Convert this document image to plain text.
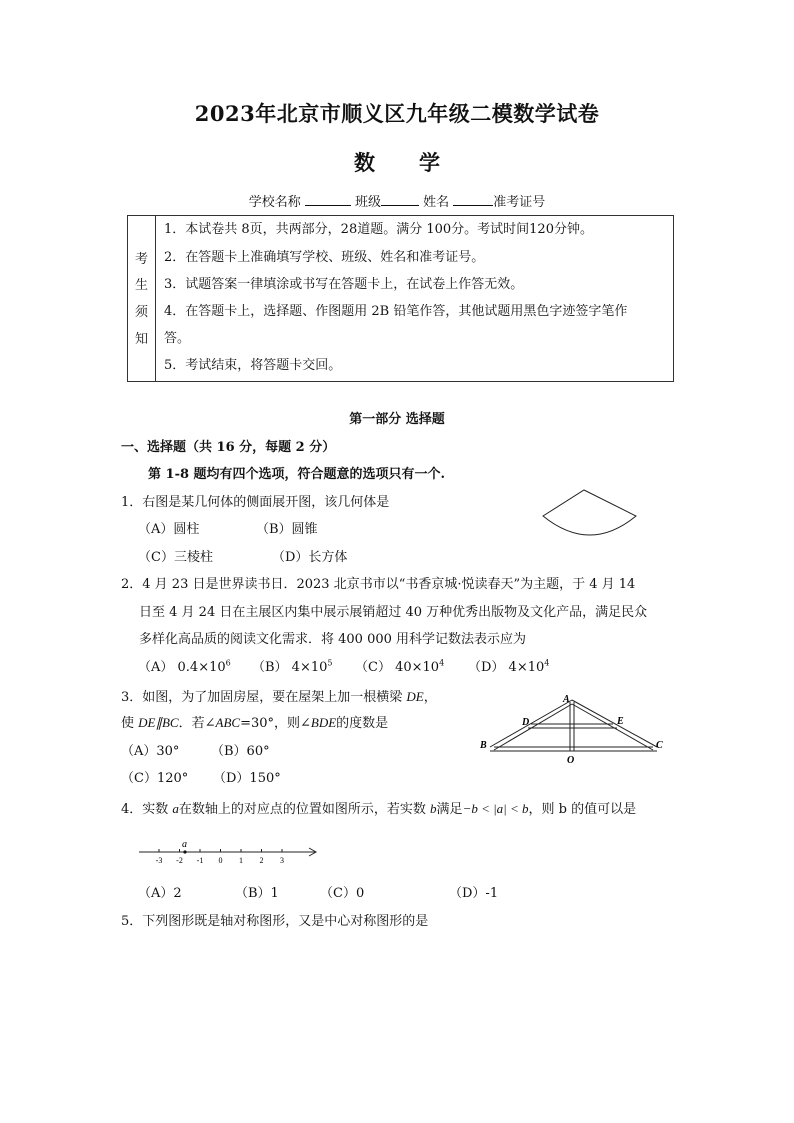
2023年北京市顺义区九年级二模数学试卷
数 学
学校名称	班级	姓名	准考证号
考
生
须
知
1．本试卷共 8页，共两部分，28道题。满分 100分。考试时间120分钟。
2．在答题卡上准确填写学校、班级、姓名和准考证号。
3．试题答案一律填涂或书写在答题卡上，在试卷上作答无效。
4．在答题卡上，选择题、作图题用 2B 铅笔作答，其他试题用黑色字迹签字笔作
答。
5．考试结束，将答题卡交回。
第一部分 选择题
一、选择题（共 16 分，每题 2 分）
第 1-8 题均有四个选项，符合题意的选项只有一个.
1．右图是某几何体的侧面展开图，该几何体是
（A）圆柱	（B）圆锥
（C）三棱柱	（D）长方体
2．4 月 23 日是世界读书日．2023 北京书市以“书香京城·悦读春天”为主题，于 4 月 14
日至 4 月 24 日在主展区内集中展示展销超过 40 万种优秀出版物及文化产品，满足民众
多样化高品质的阅读文化需求．将 400 000 用科学记数法表示应为
（A） $0.4\times 10^6$ （B） $4\times 10^5$ （C） $40\times 10^4$ （D） $4\times 10^4$
3．如图，为了加固房屋，要在屋架上加一根横梁 DE，
使 DE∥BC．若∠ABC=30°，则∠BDE的度数是
（A）30° （B）60°
（C）120° （D）150°
A
D	E
B	C
O
4．实数 a在数轴上的对应点的位置如图所示，若实数 b满足−b < |a| < b，则 b 的值可以是
-3 -2 -1 0 1 2 3
a
（A）2	（B）1	（C）0	（D）-1
5．下列图形既是轴对称图形，又是中心对称图形的是
